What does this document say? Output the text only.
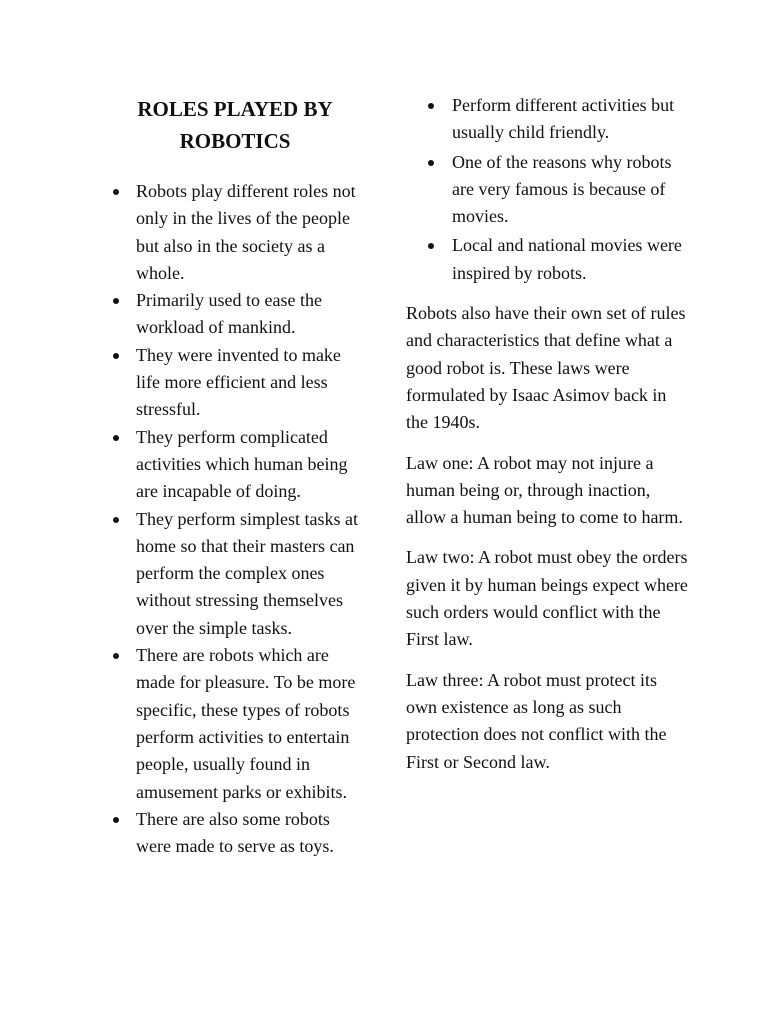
ROLES PLAYED BY ROBOTICS
Robots play different roles not only in the lives of the people but also in the society as a whole.
Primarily used to ease the workload of mankind.
They were invented to make life more efficient and less stressful.
They perform complicated activities which human being are incapable of doing.
They perform simplest tasks at home so that their masters can perform the complex ones without stressing themselves over the simple tasks.
There are robots which are made for pleasure. To be more specific, these types of robots perform activities to entertain people, usually found in amusement parks or exhibits.
There are also some robots were made to serve as toys.
Perform different activities but usually child friendly.
One of the reasons why robots are very famous is because of movies.
Local and national movies were inspired by robots.

Robots also have their own set of rules and characteristics that define what a good robot is. These laws were formulated by Isaac Asimov back in the 1940s.

Law one: A robot may not injure a human being or, through inaction, allow a human being to come to harm.

Law two: A robot must obey the orders given it by human beings expect where such orders would conflict with the First law.

Law three: A robot must protect its own existence as long as such protection does not conflict with the First or Second law.
